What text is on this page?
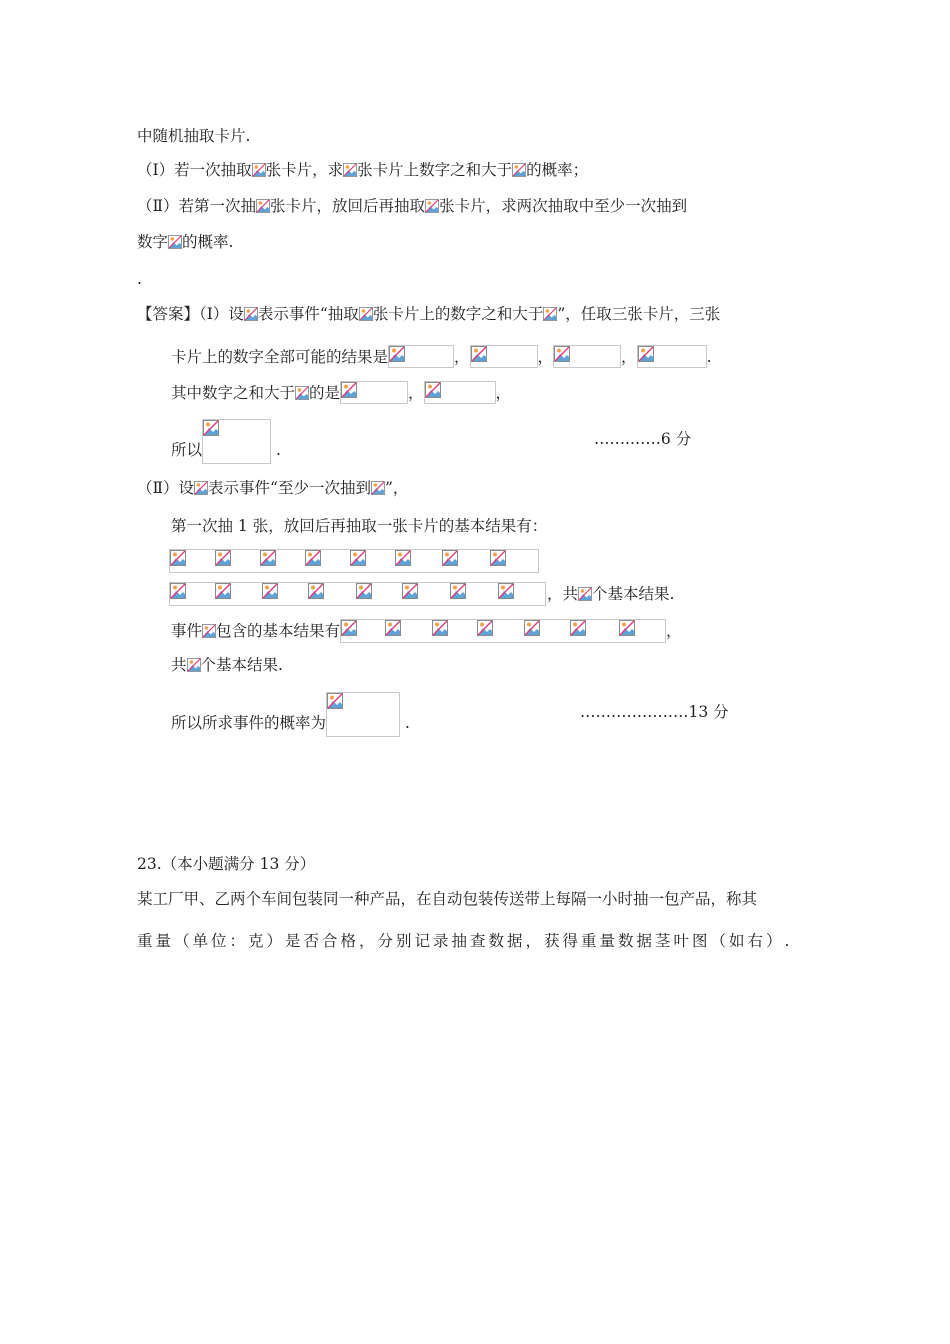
中随机抽取卡片.
（Ⅰ）若一次抽取 张卡片，求 张卡片上数字之和大于 的概率；
（Ⅱ）若第一次抽 张卡片，放回后再抽取 张卡片，求两次抽取中至少一次抽到
数字 的概率.
.
【答案】（Ⅰ）设 表示事件“抽取 张卡片上的数字之和大于 ”，任取三张卡片，三张
卡片上的数字全部可能的结果是	，	，	，	.
其中数字之和大于 的是	，	，
所以
	.
…….……6 分
（Ⅱ）设 表示事件“至少一次抽到 ”，
第一次抽 1 张，放回后再抽取一张卡片的基本结果有：
，共 个基本结果.
事件 包含的基本结果有

	，
共 个基本结果.
所以所求事件的概率为
	.
…………………13 分
23.（本小题满分 13 分）
某工厂甲、乙两个车间包装同一种产品，在自动包装传送带上每隔一小时抽一包产品，称其
重量（单位：克）是否合格，分别记录抽查数据，获得重量数据茎叶图（如右）.
